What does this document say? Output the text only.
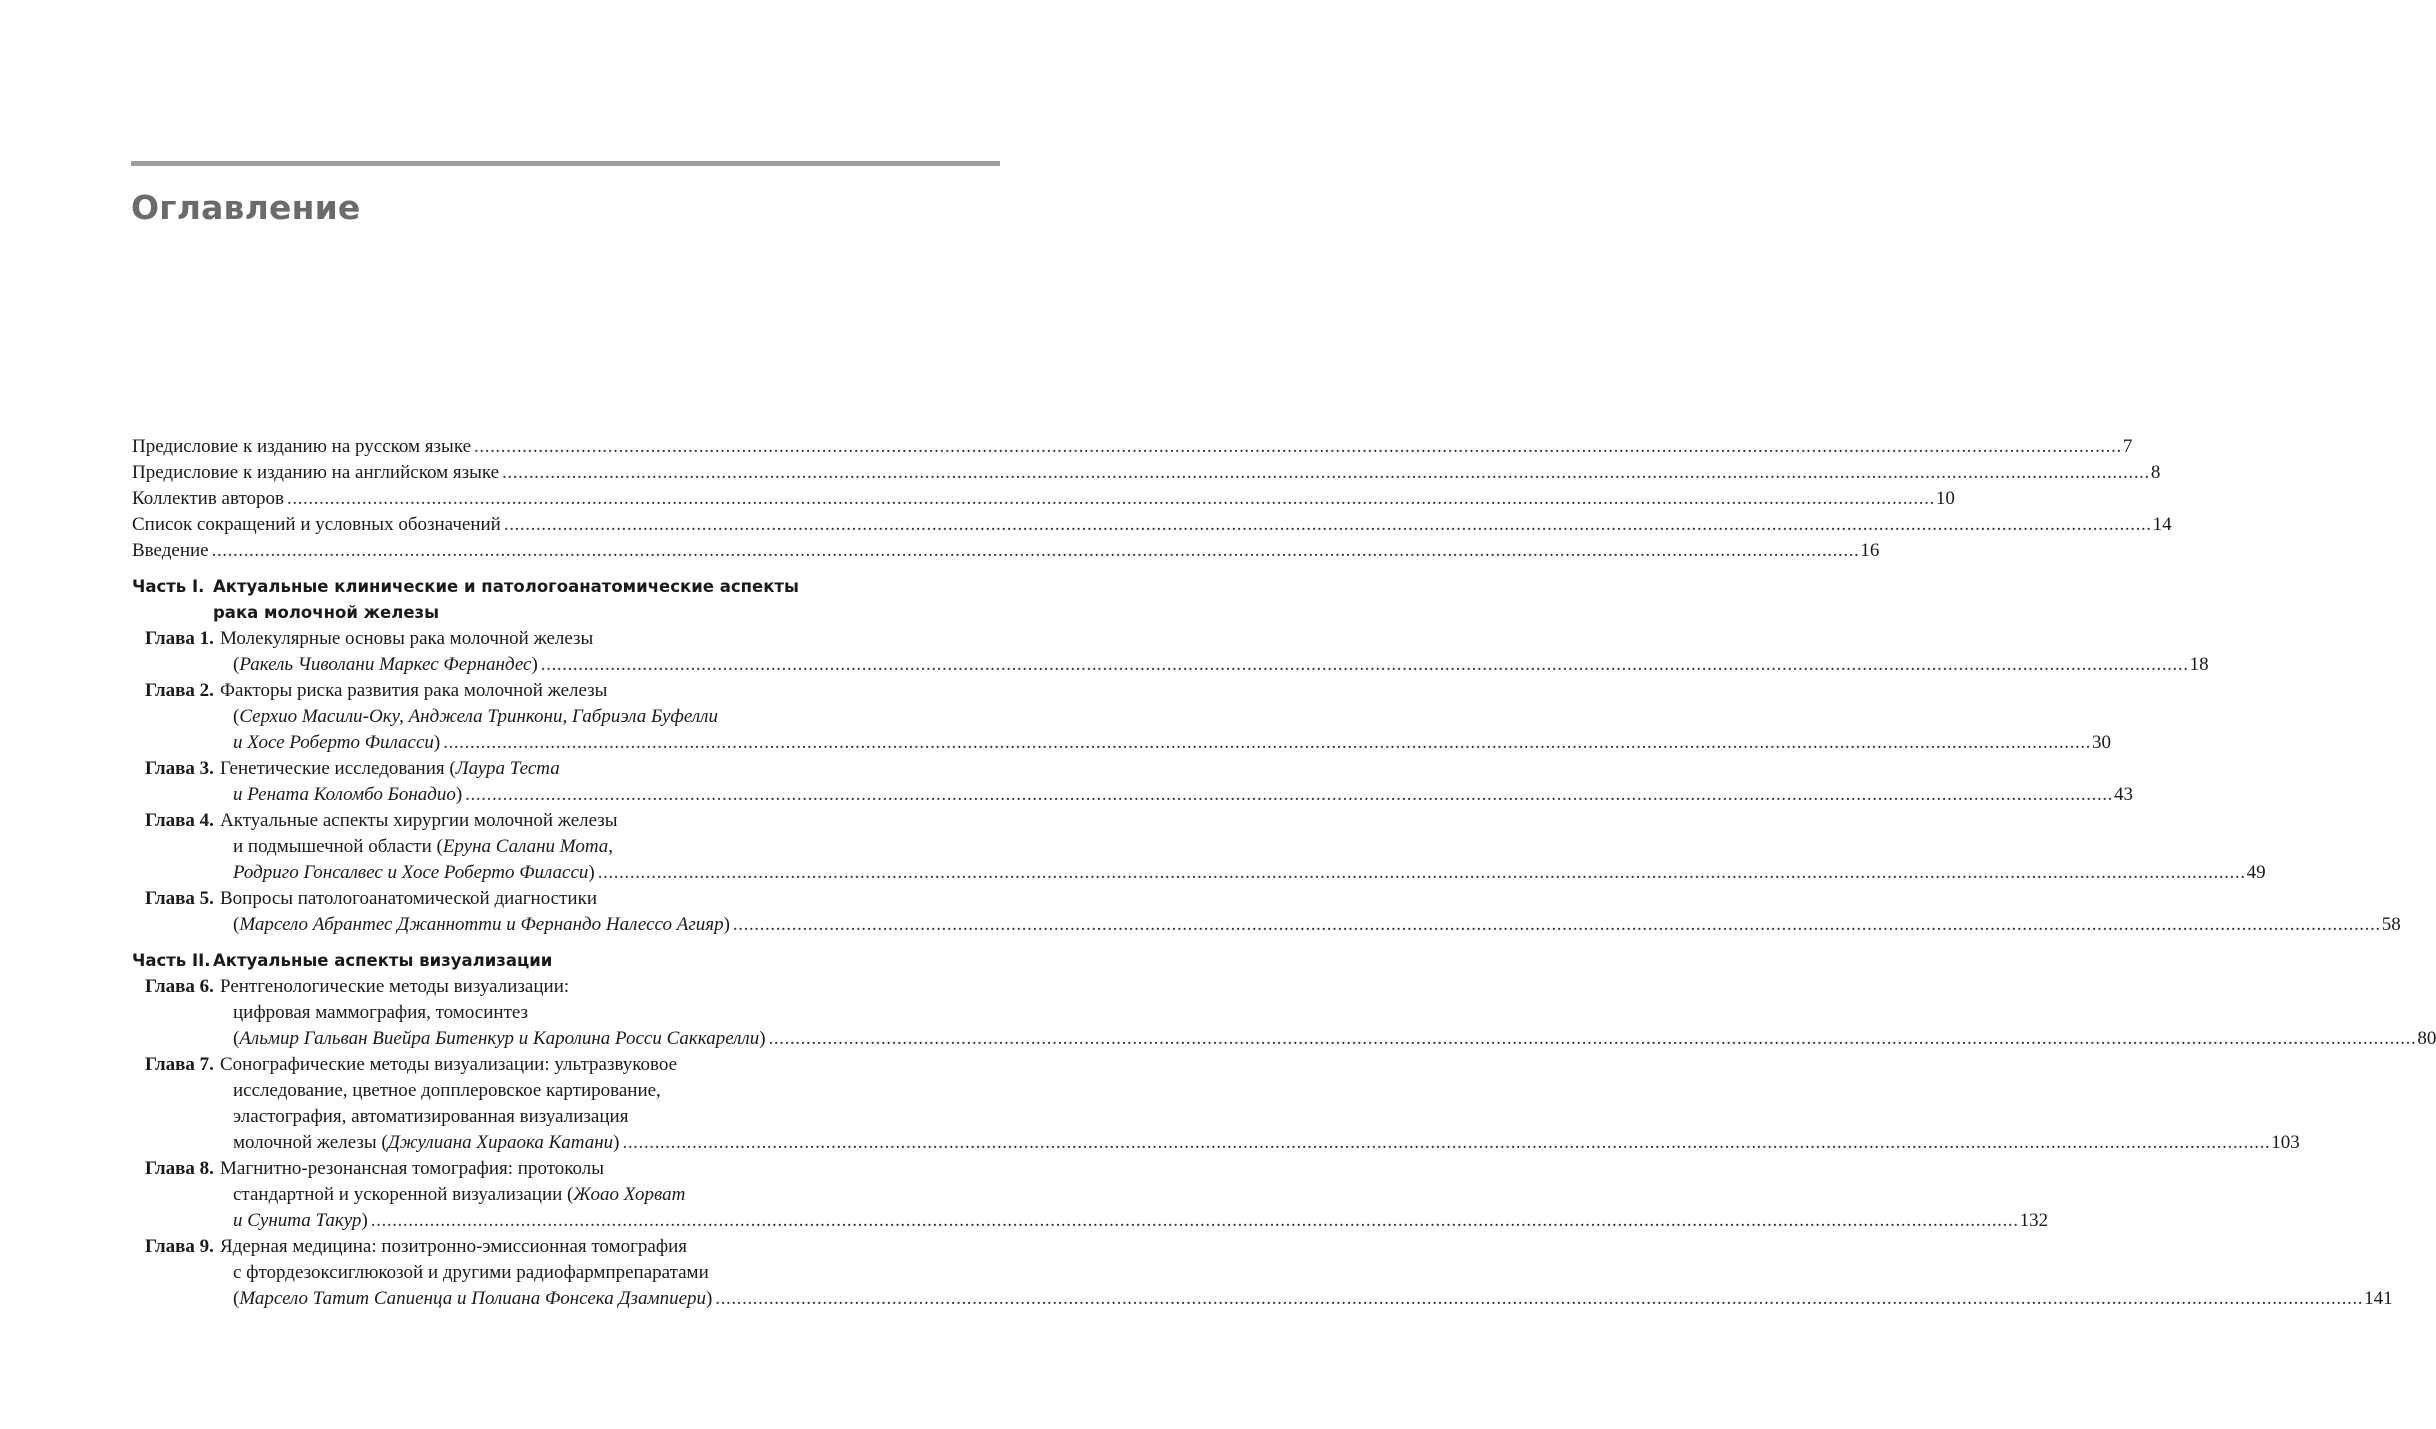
Оглавление
Предисловие к изданию на русском языке .....	7
Предисловие к изданию на английском языке .....	8
Коллектив авторов .....	10
Список сокращений и условных обозначений .....	14
Введение .....	16
Часть I. Актуальные клинические и патологоанатомические аспекты
рака молочной железы
Глава 1. Молекулярные основы рака молочной железы
(Ракель Чиволани Маркес Фернандес) .....	18
Глава 2. Факторы риска развития рака молочной железы
(Серхио Масили-Оку, Анджела Тринкони, Габриэла Буфелли
и Хосе Роберто Филасси) .....	30
Глава 3. Генетические исследования (Лаура Теста
и Рената Коломбо Бонадио) .....	43
Глава 4. Актуальные аспекты хирургии молочной железы
и подмышечной области (Еруна Салани Мота,
Родриго Гонсалвес и Хосе Роберто Филасси) .....	49
Глава 5. Вопросы патологоанатомической диагностики
(Марсело Абрантес Джаннотти и Фернандо Налессо Агияр) .....	58
Часть II. Актуальные аспекты визуализации
Глава 6. Рентгенологические методы визуализации:
цифровая маммография, томосинтез
(Альмир Гальван Виейра Битенкур и Каролина Росси Саккарелли) .....	80
Глава 7. Сонографические методы визуализации: ультразвуковое
исследование, цветное допплеровское картирование,
эластография, автоматизированная визуализация
молочной железы (Джулиана Хираока Катани) .....	103
Глава 8. Магнитно-резонансная томография: протоколы
стандартной и ускоренной визуализации (Жоао Хорват
и Сунита Такур) .....	132
Глава 9. Ядерная медицина: позитронно-эмиссионная томография
с фтордезоксиглюкозой и другими радиофармпрепаратами
(Марсело Татит Сапиенца и Полиана Фонсека Дзампиери) .....	141
